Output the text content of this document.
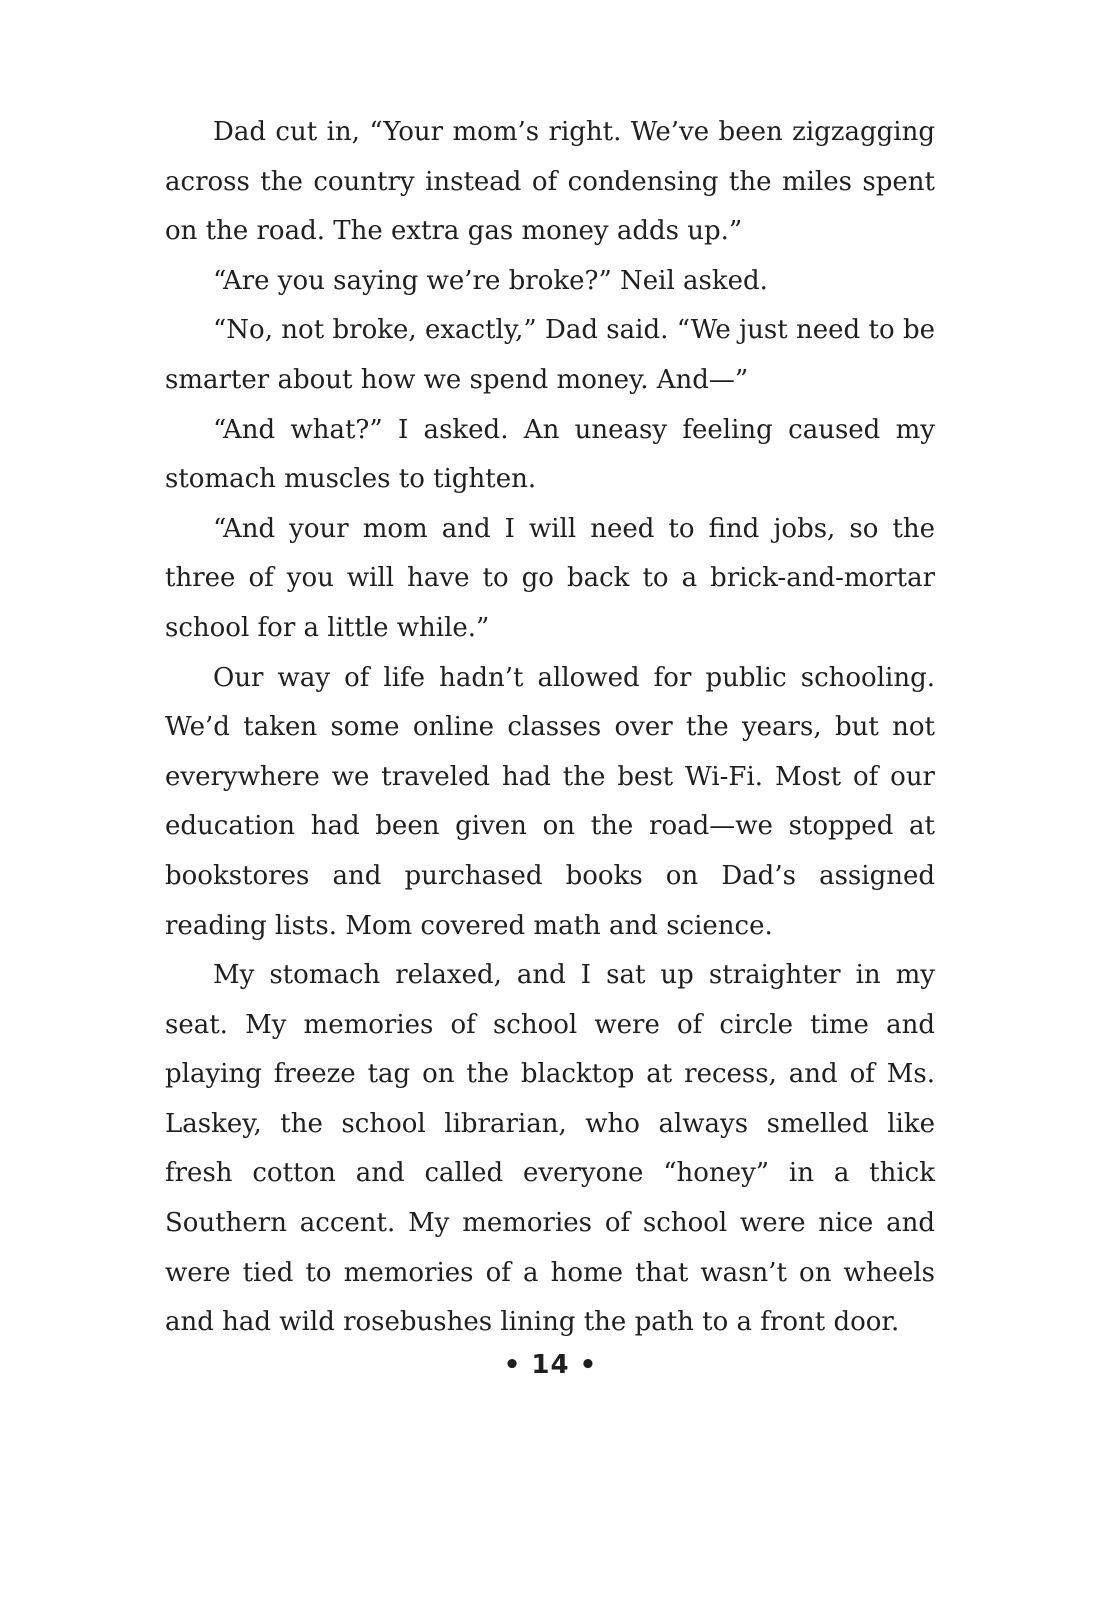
Dad cut in, “Your mom’s right. We’ve been zigzagging across the country instead of condensing the miles spent on the road. The extra gas money adds up.”

“Are you saying we’re broke?” Neil asked.

“No, not broke, exactly,” Dad said. “We just need to be smarter about how we spend money. And—”

“And what?” I asked. An uneasy feeling caused my stomach muscles to tighten.

“And your mom and I will need to find jobs, so the three of you will have to go back to a brick-and-mortar school for a little while.”

Our way of life hadn’t allowed for public schooling. We’d taken some online classes over the years, but not everywhere we traveled had the best Wi-Fi. Most of our education had been given on the road—we stopped at bookstores and purchased books on Dad’s assigned reading lists. Mom covered math and science.

My stomach relaxed, and I sat up straighter in my seat. My memories of school were of circle time and playing freeze tag on the blacktop at recess, and of Ms. Laskey, the school librarian, who always smelled like fresh cotton and called everyone “honey” in a thick Southern accent. My memories of school were nice and were tied to memories of a home that wasn’t on wheels and had wild rosebushes lining the path to a front door.

• 14 •
